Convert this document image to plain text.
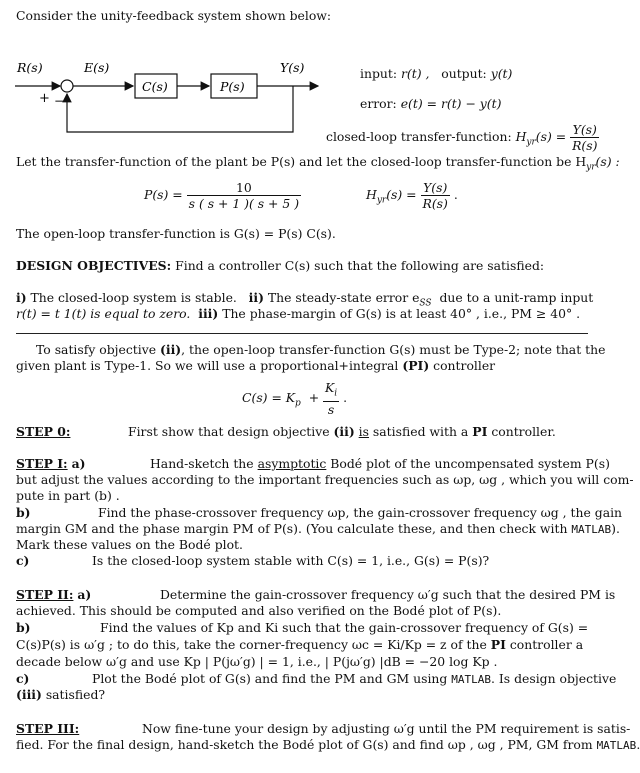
Consider the unity-feedback system shown below:
R(s)	E(s)	Y(s)
C(s)	P(s)
+ −
input: r(t) , output: y(t)
error: e(t) = r(t) − y(t)
closed-loop transfer-function: $H_{yr}(s) = \frac{Y(s)}{R(s)}$
Let the transfer-function of the plant be P(s) and let the closed-loop transfer-function be $H_{yr}(s)$ :
$P(s) = \frac{10}{s ( s + 1 )( s + 5 )}$	$H_{yr}(s) = \frac{Y(s)}{R(s)}$ .
The open-loop transfer-function is G(s) = P(s) C(s).
DESIGN OBJECTIVES: Find a controller C(s) such that the following are satisfied:
i) The closed-loop system is stable. ii) The steady-state error $e_{SS}$ due to a unit-ramp input
r(t) = t 1(t) is equal to zero. iii) The phase-margin of G(s) is at least 40° , i.e., PM ≥ 40° .
To satisfy objective (ii), the open-loop transfer-function G(s) must be Type-2; note that the
given plant is Type-1. So we will use a proportional+integral (PI) controller
$C(s) = K_p + \frac{K_i}{s}$ .
STEP 0:	First show that design objective (ii) is satisfied with a PI controller.
STEP I: a)	Hand-sketch the asymptotic Bodé plot of the uncompensated system P(s)
but adjust the values according to the important frequencies such as ωp, ωg , which you will com-
pute in part (b) .
b)	Find the phase-crossover frequency ωp, the gain-crossover frequency ωg , the gain
margin GM and the phase margin PM of P(s). (You calculate these, and then check with MATLAB).
Mark these values on the Bodé plot.
c)	Is the closed-loop system stable with C(s) = 1, i.e., G(s) = P(s)?
STEP II: a)	Determine the gain-crossover frequency ω′g such that the desired PM is
achieved. This should be computed and also verified on the Bodé plot of P(s).
b)	Find the values of Kp and Ki such that the gain-crossover frequency of G(s) =
C(s)P(s) is ω′g ; to do this, take the corner-frequency ωc = Ki/Kp = z of the PI controller a
decade below ω′g and use Kp | P(jω′g) | = 1, i.e., | P(jω′g) |dB = −20 log Kp .
c)	Plot the Bodé plot of G(s) and find the PM and GM using MATLAB. Is design objective
(iii) satisfied?
STEP III:	Now fine-tune your design by adjusting ω′g until the PM requirement is satis-
fied. For the final design, hand-sketch the Bodé plot of G(s) and find ωp , ωg , PM, GM from MATLAB.
